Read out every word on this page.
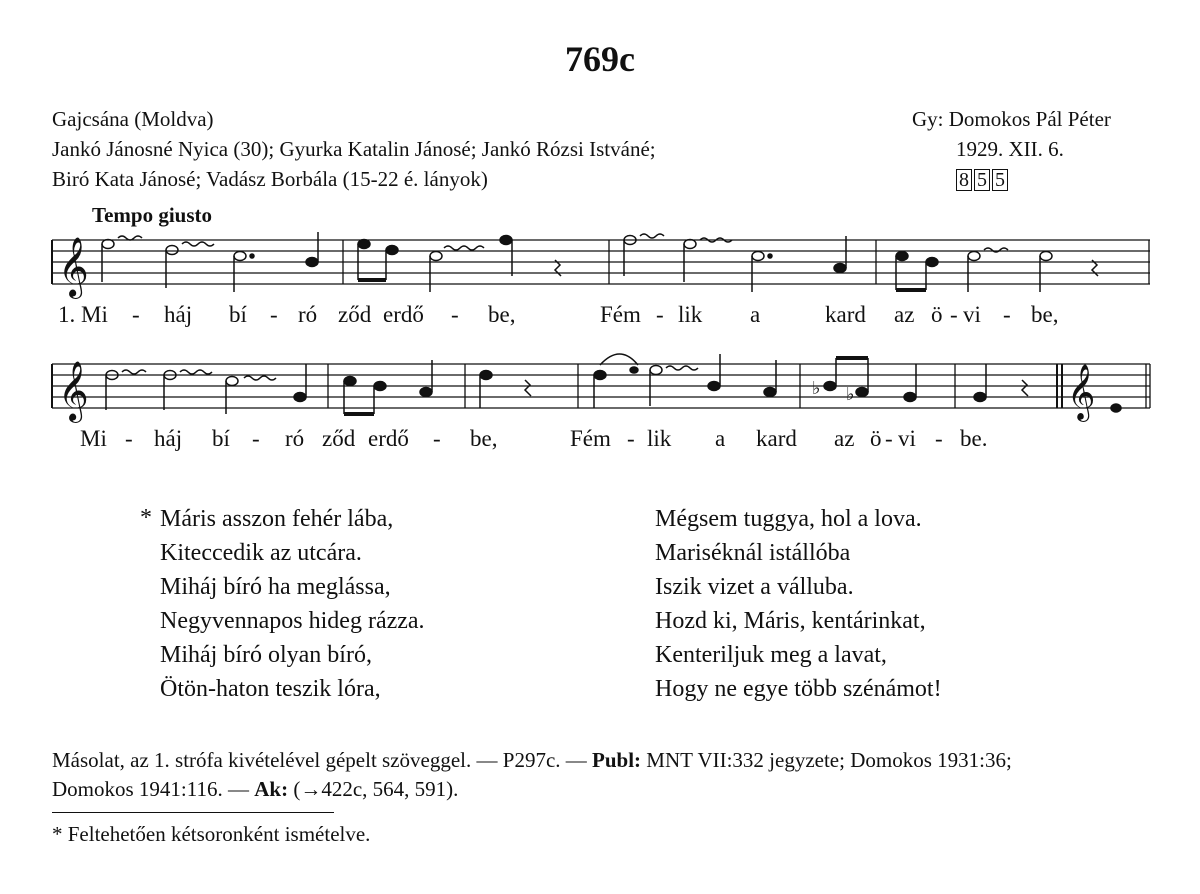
769c
Gajcsána (Moldva)
Jankó Jánosné Nyica (30); Gyurka Katalin Jánosé; Jankó Rózsi Istváné;
Biró Kata Jánosé; Vadász Borbála (15-22 é. lányok)
Gy: Domokos Pál Péter
1929. XII. 6.
8 5 5
Tempo giusto
𝄞
1. Mi - háj bí - ró ződ erdő - be,	Fém - lik a	kard az ö - vi - be,
𝄞	𝄞
♭ ♭
Mi - háj bí - ró ződ erdő - be,	Fém - lik a kard az ö - vi - be.
* Máris asszon fehér lába,
Kiteccedik az utcára.
Miháj bíró ha meglássa,
Negyvennapos hideg rázza.
Miháj bíró olyan bíró,
Ötön-haton teszik lóra,
Mégsem tuggya, hol a lova.
Mariséknál istállóba
Iszik vizet a válluba.
Hozd ki, Máris, kentárinkat,
Kenteriljuk meg a lavat,
Hogy ne egye több szénámot!
Másolat, az 1. strófa kivételével gépelt szöveggel. — P297c. — Publ: MNT VII:332 jegyzete; Domokos 1931:36;
Domokos 1941:116. — Ak: (→422c, 564, 591).
* Feltehetően kétsoronként ismételve.
